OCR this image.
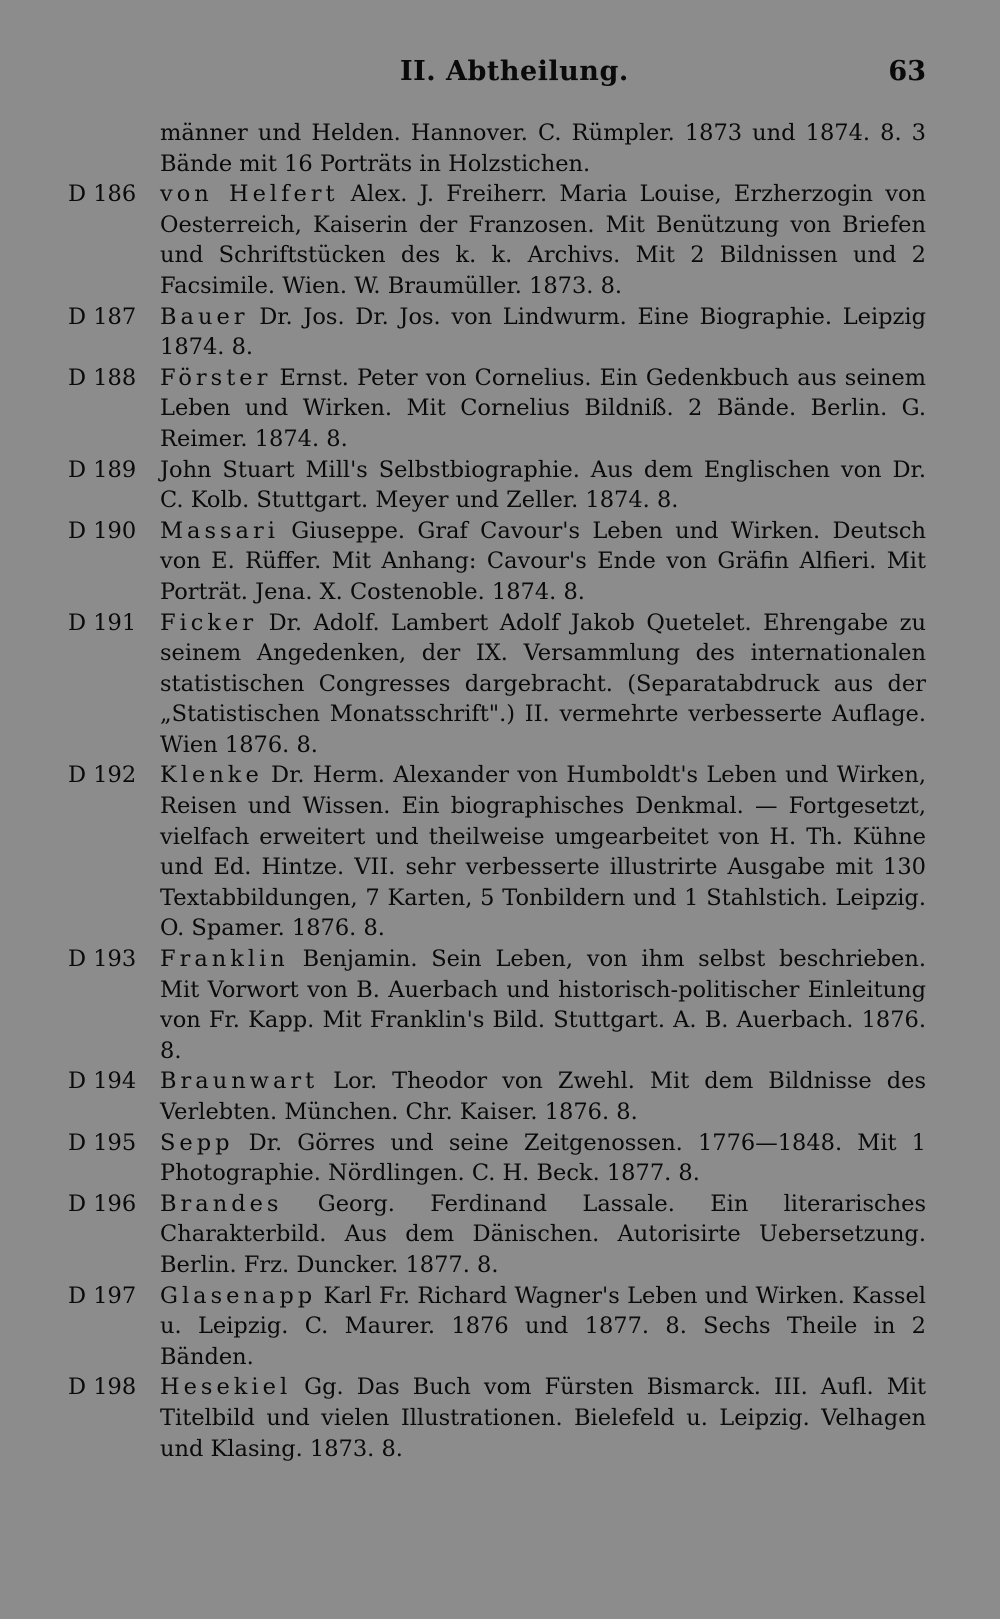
II. Abtheilung.	63
männer und Helden. Hannover. C. Rümpler. 1873 und 1874. 8. 3 Bände mit 16 Porträts in Holzstichen.
D 186	von Helfert Alex. J. Freiherr. Maria Louise, Erzherzogin von Oesterreich, Kaiserin der Franzosen. Mit Benützung von Briefen und Schriftstücken des k. k. Archivs. Mit 2 Bildnissen und 2 Facsimile. Wien. W. Braumüller. 1873. 8.
D 187	Bauer Dr. Jos. Dr. Jos. von Lindwurm. Eine Biographie. Leipzig 1874. 8.
D 188	Förster Ernst. Peter von Cornelius. Ein Gedenkbuch aus seinem Leben und Wirken. Mit Cornelius Bildniß. 2 Bände. Berlin. G. Reimer. 1874. 8.
D 189	John Stuart Mill's Selbstbiographie. Aus dem Englischen von Dr. C. Kolb. Stuttgart. Meyer und Zeller. 1874. 8.
D 190	Massari Giuseppe. Graf Cavour's Leben und Wirken. Deutsch von E. Rüffer. Mit Anhang: Cavour's Ende von Gräfin Alfieri. Mit Porträt. Jena. X. Costenoble. 1874. 8.
D 191	Ficker Dr. Adolf. Lambert Adolf Jakob Quetelet. Ehrengabe zu seinem Angedenken, der IX. Versammlung des internationalen statistischen Congresses dargebracht. (Separatabdruck aus der „Statistischen Monatsschrift".) II. vermehrte verbesserte Auflage. Wien 1876. 8.
D 192	Klenke Dr. Herm. Alexander von Humboldt's Leben und Wirken, Reisen und Wissen. Ein biographisches Denkmal. — Fortgesetzt, vielfach erweitert und theilweise umgearbeitet von H. Th. Kühne und Ed. Hintze. VII. sehr verbesserte illustrirte Ausgabe mit 130 Textabbildungen, 7 Karten, 5 Tonbildern und 1 Stahlstich. Leipzig. O. Spamer. 1876. 8.
D 193	Franklin Benjamin. Sein Leben, von ihm selbst beschrieben. Mit Vorwort von B. Auerbach und historisch-politischer Einleitung von Fr. Kapp. Mit Franklin's Bild. Stuttgart. A. B. Auerbach. 1876. 8.
D 194	Braunwart Lor. Theodor von Zwehl. Mit dem Bildnisse des Verlebten. München. Chr. Kaiser. 1876. 8.
D 195	Sepp Dr. Görres und seine Zeitgenossen. 1776—1848. Mit 1 Photographie. Nördlingen. C. H. Beck. 1877. 8.
D 196	Brandes Georg. Ferdinand Lassale. Ein literarisches Charakterbild. Aus dem Dänischen. Autorisirte Uebersetzung. Berlin. Frz. Duncker. 1877. 8.
D 197	Glasenapp Karl Fr. Richard Wagner's Leben und Wirken. Kassel u. Leipzig. C. Maurer. 1876 und 1877. 8. Sechs Theile in 2 Bänden.
D 198	Hesekiel Gg. Das Buch vom Fürsten Bismarck. III. Aufl. Mit Titelbild und vielen Illustrationen. Bielefeld u. Leipzig. Velhagen und Klasing. 1873. 8.
